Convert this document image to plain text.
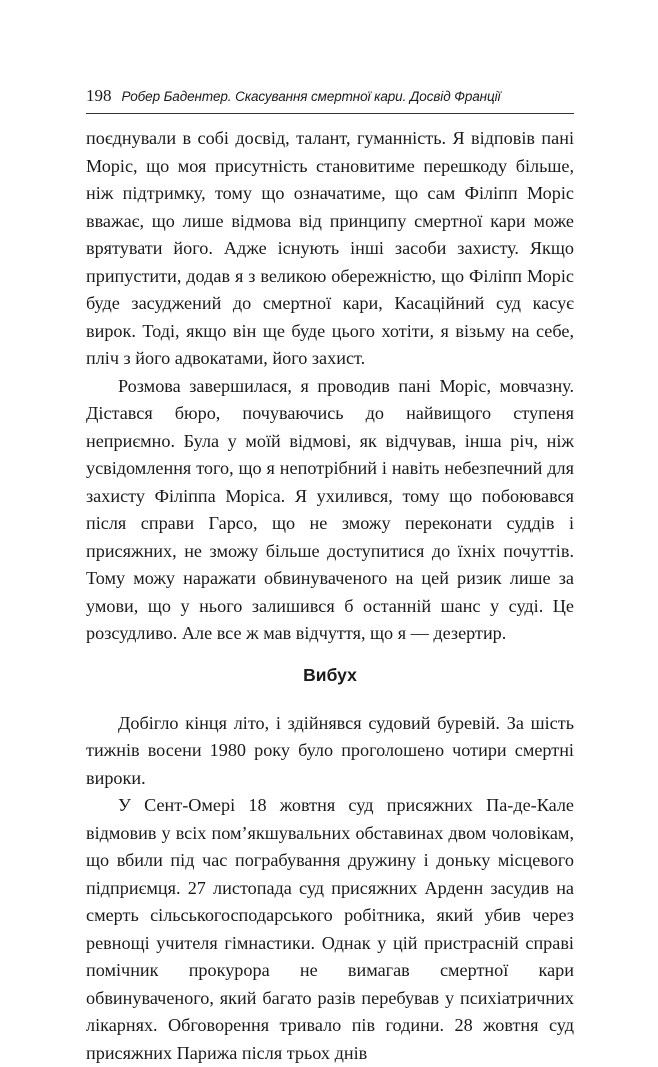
198 Робер Бадентер. Скасування смертної кари. Досвід Франції

поєднували в собі досвід, талант, гуманність. Я відповів пані Моріс, що моя присутність становитиме перешкоду більше, ніж підтримку, тому що означатиме, що сам Філіпп Моріс вважає, що лише відмова від принципу смертної кари може врятувати його. Адже існують інші засоби захисту. Якщо припустити, додав я з великою обережністю, що Філіпп Моріс буде засуджений до смертної кари, Касаційний суд касує вирок. Тоді, якщо він ще буде цього хотіти, я візьму на себе, пліч з його адвокатами, його захист.

Розмова завершилася, я проводив пані Моріс, мовчазну. Дістався бюро, почуваючись до найвищого ступеня неприємно. Була у моїй відмові, як відчував, інша річ, ніж усвідомлення того, що я непотрібний і навіть небезпечний для захисту Філіппа Моріса. Я ухилився, тому що побоювався після справи Гарсо, що не зможу переконати суддів і присяжних, не зможу більше доступитися до їхніх почуттів. Тому можу наражати обвинуваченого на цей ризик лише за умови, що у нього залишився б останній шанс у суді. Це розсудливо. Але все ж мав відчуття, що я — дезертир.

Вибух

Добігло кінця літо, і здійнявся судовий буревій. За шість тижнів восени 1980 року було проголошено чотири смертні вироки.

У Сент-Омері 18 жовтня суд присяжних Па-де-Кале відмовив у всіх пом’якшувальних обставинах двом чоловікам, що вбили під час пограбування дружину і доньку місцевого підприємця. 27 листопада суд присяжних Арденн засудив на смерть сільськогосподарського робітника, який убив через ревнощі учителя гімнастики. Однак у цій пристрасній справі помічник прокурора не вимагав смертної кари обвинуваченого, який багато разів перебував у психіатричних лікарнях. Обговорення тривало пів години. 28 жовтня суд присяжних Парижа після трьох днів
